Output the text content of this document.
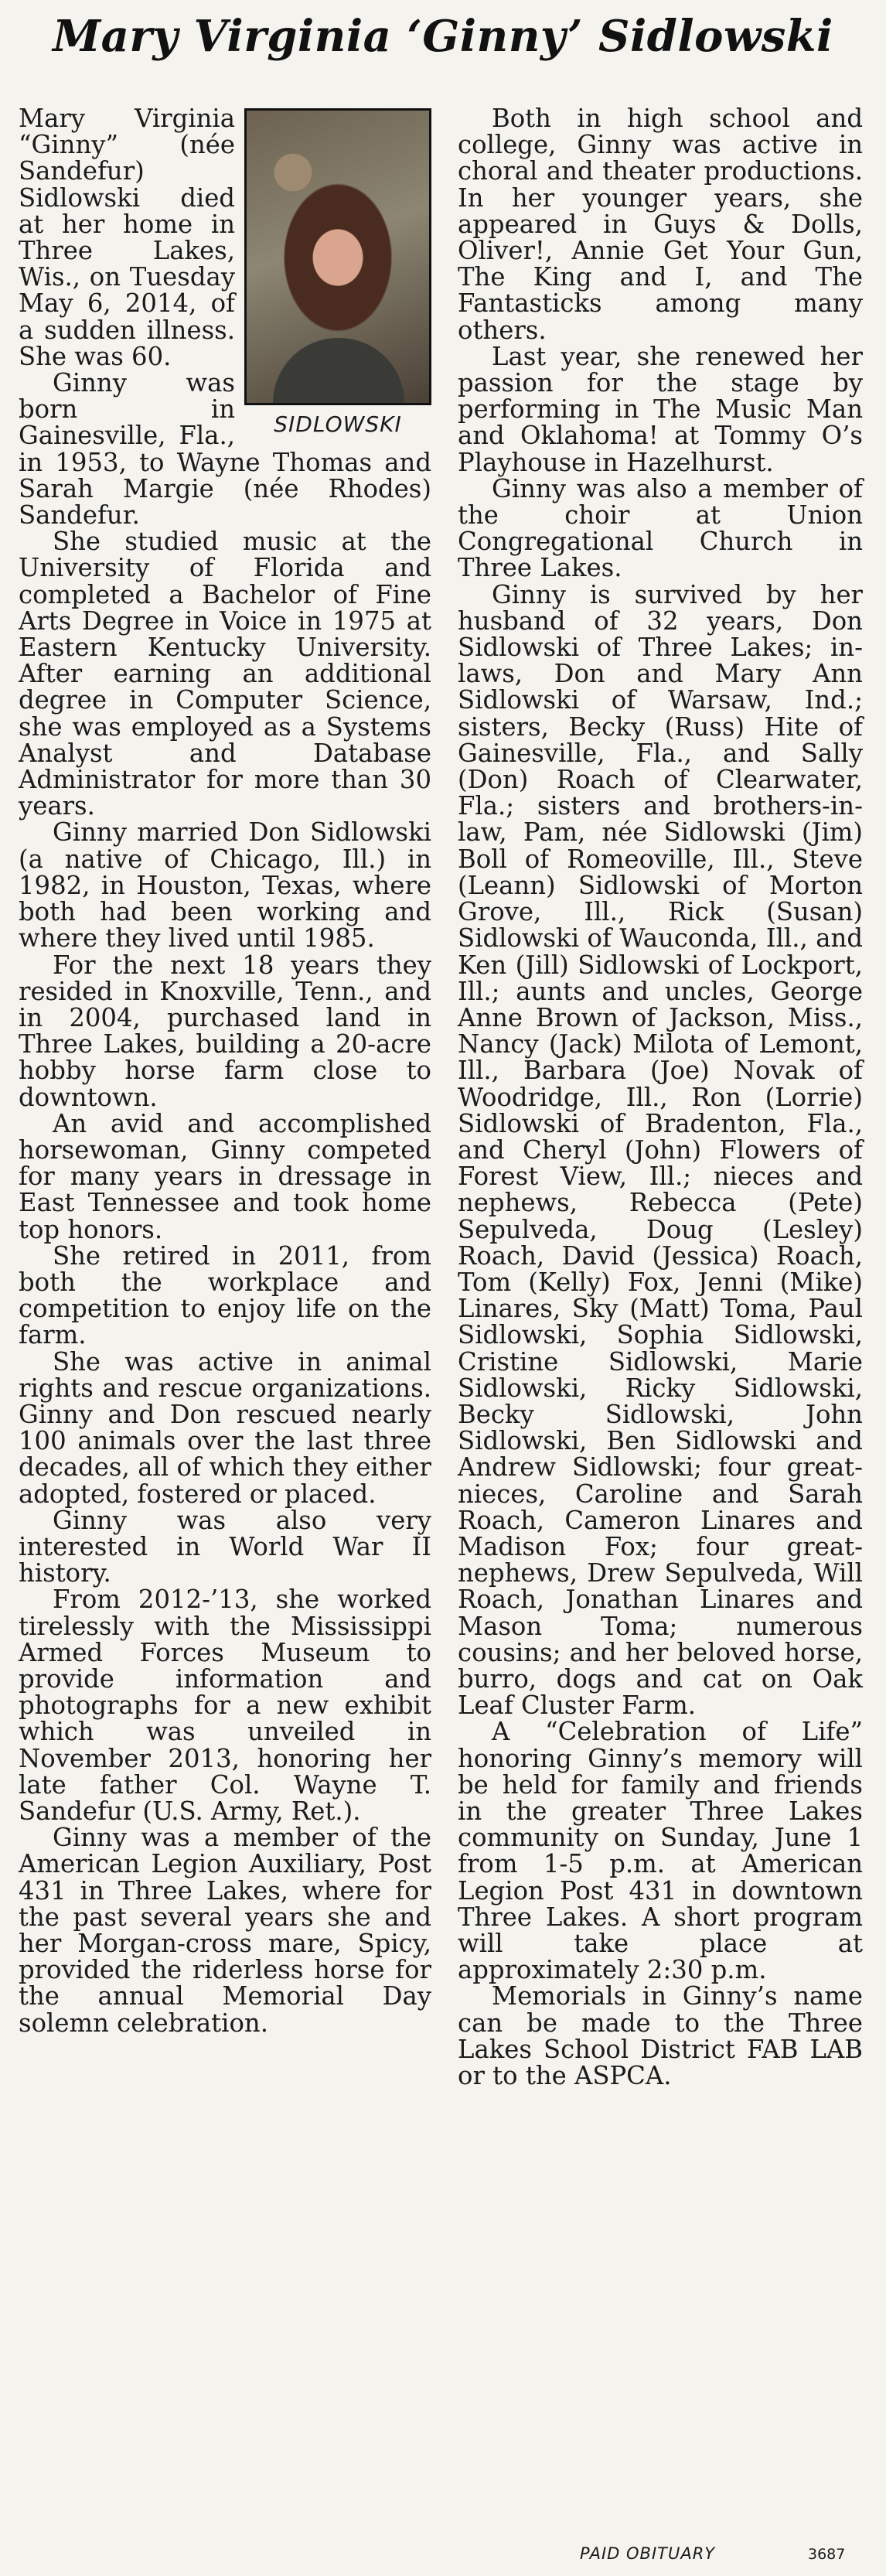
Mary Virginia ‘Ginny’ Sidlowski
SIDLOWSKI

Mary Virginia “Ginny” (née Sandefur) Sidlowski died at her home in Three Lakes, Wis., on Tuesday May 6, 2014, of a sudden illness. She was 60.

Ginny was born in Gainesville, Fla., in 1953, to Wayne Thomas and Sarah Margie (née Rhodes) Sandefur.

She studied music at the University of Florida and completed a Bachelor of Fine Arts Degree in Voice in 1975 at Eastern Kentucky University. After earning an additional degree in Computer Science, she was employed as a Systems Analyst and Database Administrator for more than 30 years.

Ginny married Don Sidlowski (a native of Chicago, Ill.) in 1982, in Houston, Texas, where both had been working and where they lived until 1985.

For the next 18 years they resided in Knoxville, Tenn., and in 2004, purchased land in Three Lakes, building a 20-acre hobby horse farm close to downtown.

An avid and accomplished horsewoman, Ginny competed for many years in dressage in East Tennessee and took home top honors.

She retired in 2011, from both the workplace and competition to enjoy life on the farm.

She was active in animal rights and rescue organizations. Ginny and Don rescued nearly 100 animals over the last three decades, all of which they either adopted, fostered or placed.

Ginny was also very interested in World War II history.

From 2012-’13, she worked tirelessly with the Mississippi Armed Forces Museum to provide information and photographs for a new exhibit which was unveiled in November 2013, honoring her late father Col. Wayne T. Sandefur (U.S. Army, Ret.).

Ginny was a member of the American Legion Auxiliary, Post 431 in Three Lakes, where for the past several years she and her Morgan-cross mare, Spicy, provided the riderless horse for the annual Memorial Day solemn celebration.

Both in high school and college, Ginny was active in choral and theater productions. In her younger years, she appeared in Guys & Dolls, Oliver!, Annie Get Your Gun, The King and I, and The Fantasticks among many others.

Last year, she renewed her passion for the stage by performing in The Music Man and Oklahoma! at Tommy O’s Playhouse in Hazelhurst.

Ginny was also a member of the choir at Union Congregational Church in Three Lakes.

Ginny is survived by her husband of 32 years, Don Sidlowski of Three Lakes; in-laws, Don and Mary Ann Sidlowski of Warsaw, Ind.; sisters, Becky (Russ) Hite of Gainesville, Fla., and Sally (Don) Roach of Clearwater, Fla.; sisters and brothers-in-law, Pam, née Sidlowski (Jim) Boll of Romeoville, Ill., Steve (Leann) Sidlowski of Morton Grove, Ill., Rick (Susan) Sidlowski of Wauconda, Ill., and Ken (Jill) Sidlowski of Lockport, Ill.; aunts and uncles, George Anne Brown of Jackson, Miss., Nancy (Jack) Milota of Lemont, Ill., Barbara (Joe) Novak of Woodridge, Ill., Ron (Lorrie) Sidlowski of Bradenton, Fla., and Cheryl (John) Flowers of Forest View, Ill.; nieces and nephews, Rebecca (Pete) Sepulveda, Doug (Lesley) Roach, David (Jessica) Roach, Tom (Kelly) Fox, Jenni (Mike) Linares, Sky (Matt) Toma, Paul Sidlowski, Sophia Sidlowski, Cristine Sidlowski, Marie Sidlowski, Ricky Sidlowski, Becky Sidlowski, John Sidlowski, Ben Sidlowski and Andrew Sidlowski; four great-nieces, Caroline and Sarah Roach, Cameron Linares and Madison Fox; four great-nephews, Drew Sepulveda, Will Roach, Jonathan Linares and Mason Toma; numerous cousins; and her beloved horse, burro, dogs and cat on Oak Leaf Cluster Farm.

A “Celebration of Life” honoring Ginny’s memory will be held for family and friends in the greater Three Lakes community on Sunday, June 1 from 1-5 p.m. at American Legion Post 431 in downtown Three Lakes. A short program will take place at approximately 2:30 p.m.

Memorials in Ginny’s name can be made to the Three Lakes School District FAB LAB or to the ASPCA.

PAID OBITUARY	3687
